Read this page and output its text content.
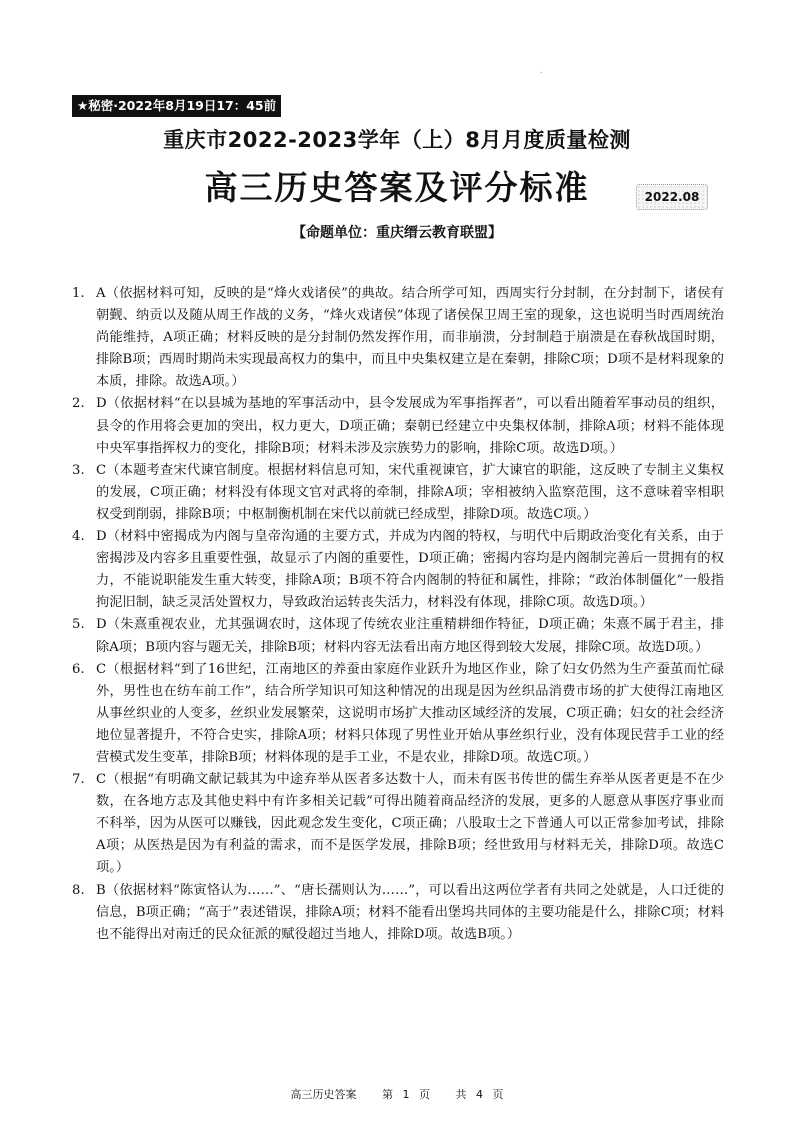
.
★秘密·2022年8月19日17：45前
重庆市2022-2023学年（上）8月月度质量检测
高三历史答案及评分标准	2022.08
【命题单位：重庆缙云教育联盟】
1. A（依据材料可知，反映的是“烽火戏诸侯”的典故。结合所学可知，西周实行分封制，在分封制下，诸侯有朝觐、纳贡以及随从周王作战的义务，“烽火戏诸侯”体现了诸侯保卫周王室的现象，这也说明当时西周统治尚能维持，A项正确；材料反映的是分封制仍然发挥作用，而非崩溃，分封制趋于崩溃是在春秋战国时期，排除B项；西周时期尚未实现最高权力的集中，而且中央集权建立是在秦朝，排除C项；D项不是材料现象的本质，排除。故选A项。）
2. D（依据材料“在以县城为基地的军事活动中，县令发展成为军事指挥者”，可以看出随着军事动员的组织，县令的作用将会更加的突出，权力更大，D项正确；秦朝已经建立中央集权体制，排除A项；材料不能体现中央军事指挥权力的变化，排除B项；材料未涉及宗族势力的影响，排除C项。故选D项。）
3. C（本题考查宋代谏官制度。根据材料信息可知，宋代重视谏官，扩大谏官的职能，这反映了专制主义集权的发展，C项正确；材料没有体现文官对武将的牵制，排除A项；宰相被纳入监察范围，这不意味着宰相职权受到削弱，排除B项；中枢制衡机制在宋代以前就已经成型，排除D项。故选C项。）
4. D（材料中密揭成为内阁与皇帝沟通的主要方式，并成为内阁的特权，与明代中后期政治变化有关系，由于密揭涉及内容多且重要性强，故显示了内阁的重要性，D项正确；密揭内容均是内阁制完善后一贯拥有的权力，不能说职能发生重大转变，排除A项；B项不符合内阁制的特征和属性，排除；“政治体制僵化”一般指拘泥旧制，缺乏灵活处置权力，导致政治运转丧失活力，材料没有体现，排除C项。故选D项。）
5. D（朱熹重视农业，尤其强调农时，这体现了传统农业注重精耕细作特征，D项正确；朱熹不属于君主，排除A项；B项内容与题无关，排除B项；材料内容无法看出南方地区得到较大发展，排除C项。故选D项。）
6. C（根据材料“到了16世纪，江南地区的养蚕由家庭作业跃升为地区作业，除了妇女仍然为生产蚕茧而忙碌外，男性也在纺车前工作”，结合所学知识可知这种情况的出现是因为丝织品消费市场的扩大使得江南地区从事丝织业的人变多，丝织业发展繁荣，这说明市场扩大推动区域经济的发展，C项正确；妇女的社会经济地位显著提升，不符合史实，排除A项；材料只体现了男性业开始从事丝织行业，没有体现民营手工业的经营模式发生变革，排除B项；材料体现的是手工业，不是农业，排除D项。故选C项。）
7. C（根据“有明确文献记载其为中途弃举从医者多达数十人，而未有医书传世的儒生弃举从医者更是不在少数，在各地方志及其他史料中有许多相关记载”可得出随着商品经济的发展，更多的人愿意从事医疗事业而不科举，因为从医可以赚钱，因此观念发生变化，C项正确；八股取士之下普通人可以正常参加考试，排除A项；从医热是因为有利益的需求，而不是医学发展，排除B项；经世致用与材料无关，排除D项。故选C项。）
8. B（依据材料“陈寅恪认为……”、“唐长孺则认为……”，可以看出这两位学者有共同之处就是，人口迁徙的信息，B项正确；“高于”表述错误，排除A项；材料不能看出堡坞共同体的主要功能是什么，排除C项；材料也不能得出对南迁的民众征派的赋役超过当地人，排除D项。故选B项。）
高三历史答案 第 1 页 共 4 页
